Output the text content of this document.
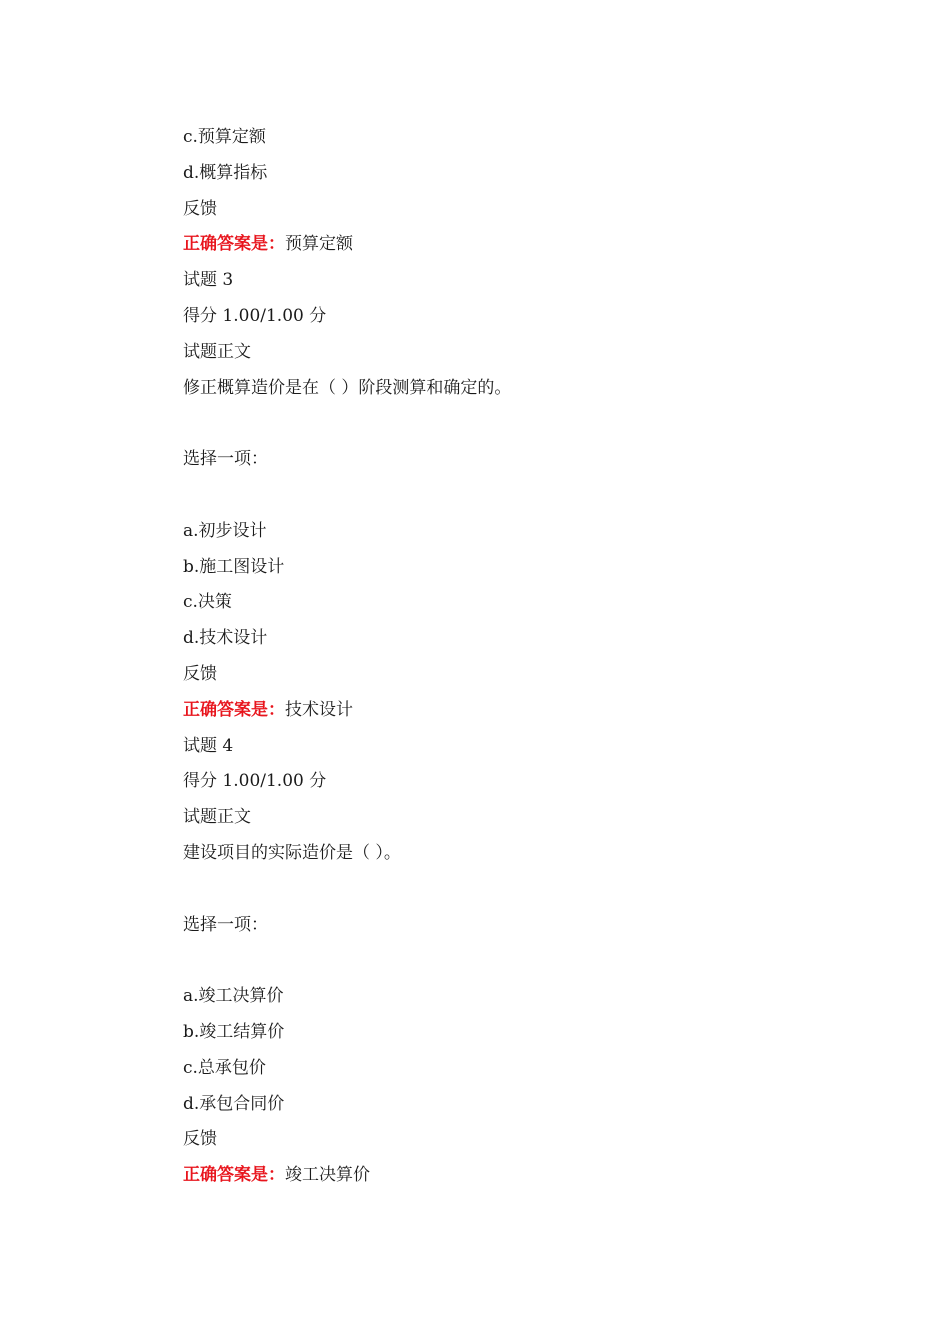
c.预算定额
d.概算指标
反馈
正确答案是：预算定额
试题 3
得分 1.00/1.00 分
试题正文
修正概算造价是在（ ）阶段测算和确定的。
选择一项：
a.初步设计
b.施工图设计
c.决策
d.技术设计
反馈
正确答案是：技术设计
试题 4
得分 1.00/1.00 分
试题正文
建设项目的实际造价是（ ）。
选择一项：
a.竣工决算价
b.竣工结算价
c.总承包价
d.承包合同价
反馈
正确答案是：竣工决算价
